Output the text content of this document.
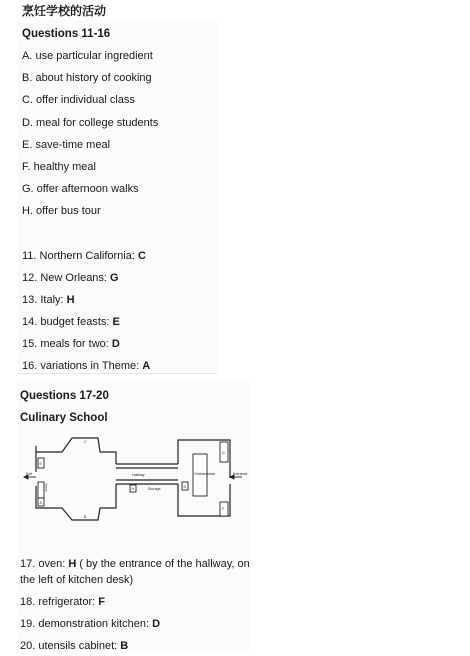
烹饪学校的活动
Questions 11-16
A. use particular ingredient
B. about history of cooking
C. offer individual class
D. meal for college students
E. save-time meal
F. healthy meal
G. offer afternoon walks
H. offer bus tour
11. Northern California: C
12. New Orleans: G
13. Italy: H
14. budget feasts: E
15. meals for two: D
16. variations in Theme: A
Questions 17-20
Culinary School
C
B
E
A
Exit	Hallway
Storage
Kitchen desk	Entrance
D
F
G
H
vending
17. oven: H ( by the entrance of the hallway, on
the left of kitchen desk)
18. refrigerator: F
19. demonstration kitchen: D
20. utensils cabinet: B
